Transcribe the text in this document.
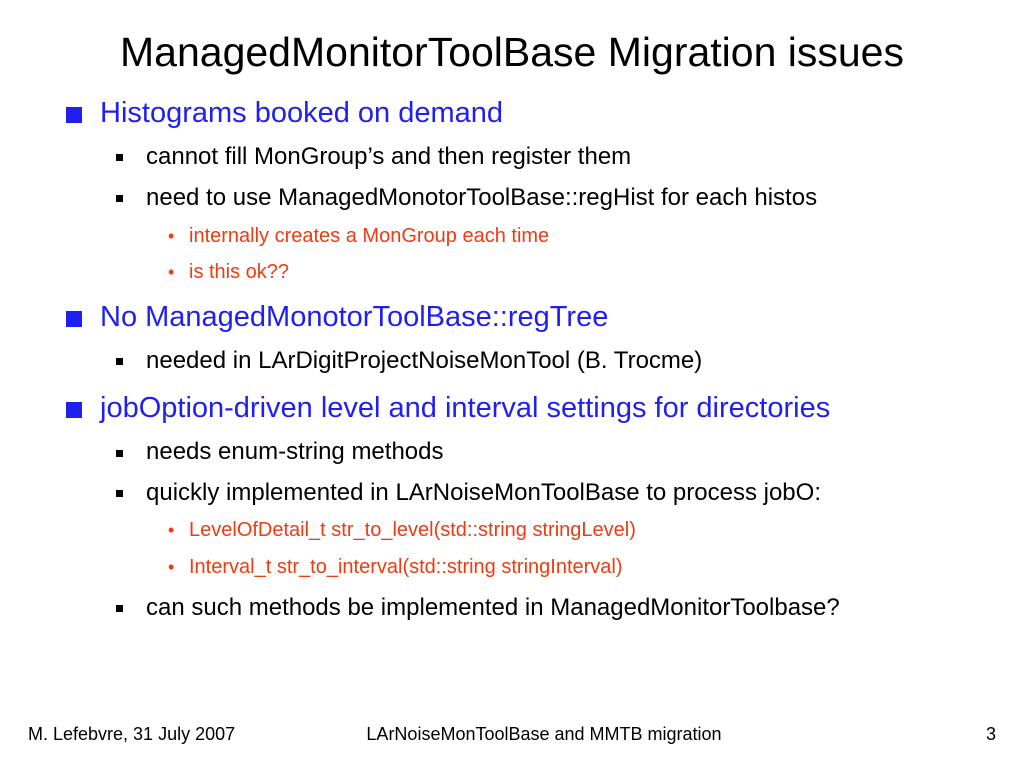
ManagedMonitorToolBase Migration issues
Histograms booked on demand
cannot fill MonGroup’s and then register them
need to use ManagedMonotorToolBase::regHist for each histos
• internally creates a MonGroup each time
• is this ok??
No ManagedMonotorToolBase::regTree
needed in LArDigitProjectNoiseMonTool (B. Trocme)
jobOption-driven level and interval settings for directories
needs enum-string methods
quickly implemented in LArNoiseMonToolBase to process jobO:
• LevelOfDetail_t str_to_level(std::string stringLevel)
• Interval_t str_to_interval(std::string stringInterval)
can such methods be implemented in ManagedMonitorToolbase?
M. Lefebvre, 31 July 2007	LArNoiseMonToolBase and MMTB migration	3
